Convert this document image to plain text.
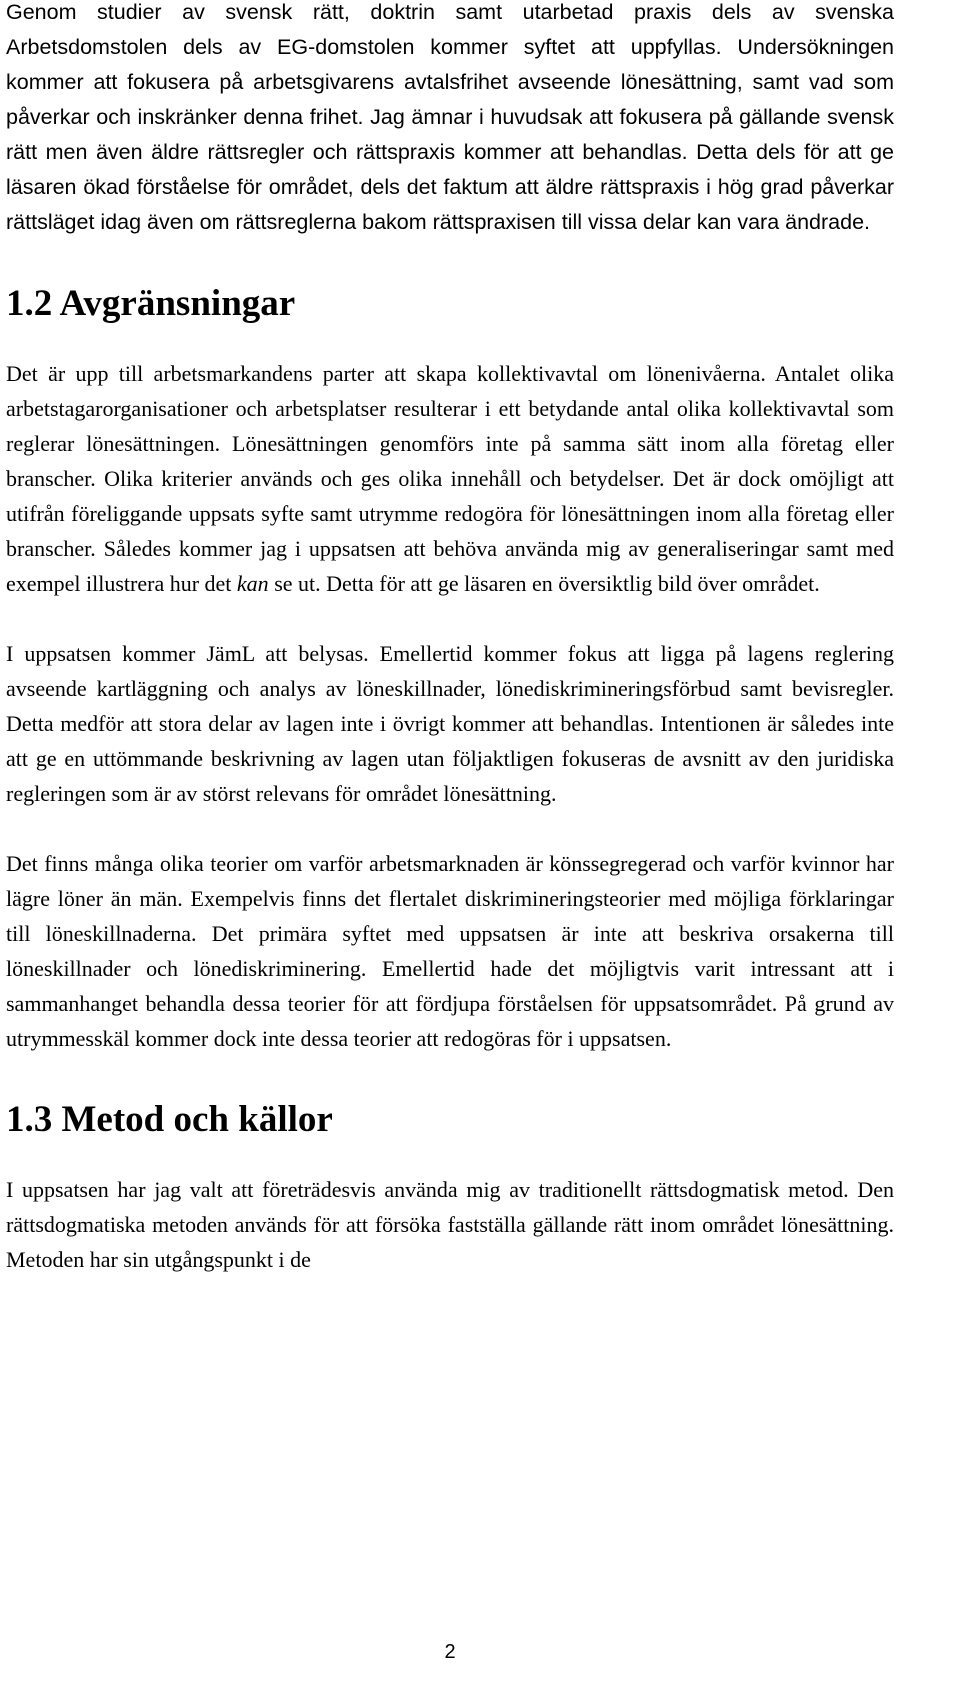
Genom studier av svensk rätt, doktrin samt utarbetad praxis dels av svenska Arbetsdomstolen dels av EG-domstolen kommer syftet att uppfyllas. Undersökningen kommer att fokusera på arbetsgivarens avtalsfrihet avseende lönesättning, samt vad som påverkar och inskränker denna frihet. Jag ämnar i huvudsak att fokusera på gällande svensk rätt men även äldre rättsregler och rättspraxis kommer att behandlas. Detta dels för att ge läsaren ökad förståelse för området, dels det faktum att äldre rättspraxis i hög grad påverkar rättsläget idag även om rättsreglerna bakom rättspraxisen till vissa delar kan vara ändrade.

1.2 Avgränsningar

Det är upp till arbetsmarkandens parter att skapa kollektivavtal om lönenivåerna. Antalet olika arbetstagarorganisationer och arbetsplatser resulterar i ett betydande antal olika kollektivavtal som reglerar lönesättningen. Lönesättningen genomförs inte på samma sätt inom alla företag eller branscher. Olika kriterier används och ges olika innehåll och betydelser. Det är dock omöjligt att utifrån föreliggande uppsats syfte samt utrymme redogöra för lönesättningen inom alla företag eller branscher. Således kommer jag i uppsatsen att behöva använda mig av generaliseringar samt med exempel illustrera hur det kan se ut. Detta för att ge läsaren en översiktlig bild över området.

I uppsatsen kommer JämL att belysas. Emellertid kommer fokus att ligga på lagens reglering avseende kartläggning och analys av löneskillnader, lönediskrimineringsförbud samt bevisregler. Detta medför att stora delar av lagen inte i övrigt kommer att behandlas. Intentionen är således inte att ge en uttömmande beskrivning av lagen utan följaktligen fokuseras de avsnitt av den juridiska regleringen som är av störst relevans för området lönesättning.

Det finns många olika teorier om varför arbetsmarknaden är könssegregerad och varför kvinnor har lägre löner än män. Exempelvis finns det flertalet diskrimineringsteorier med möjliga förklaringar till löneskillnaderna. Det primära syftet med uppsatsen är inte att beskriva orsakerna till löneskillnader och lönediskriminering. Emellertid hade det möjligtvis varit intressant att i sammanhanget behandla dessa teorier för att fördjupa förståelsen för uppsatsområdet. På grund av utrymmesskäl kommer dock inte dessa teorier att redogöras för i uppsatsen.

1.3 Metod och källor

I uppsatsen har jag valt att företrädesvis använda mig av traditionellt rättsdogmatisk metod. Den rättsdogmatiska metoden används för att försöka fastställa gällande rätt inom området lönesättning. Metoden har sin utgångspunkt i de

2
